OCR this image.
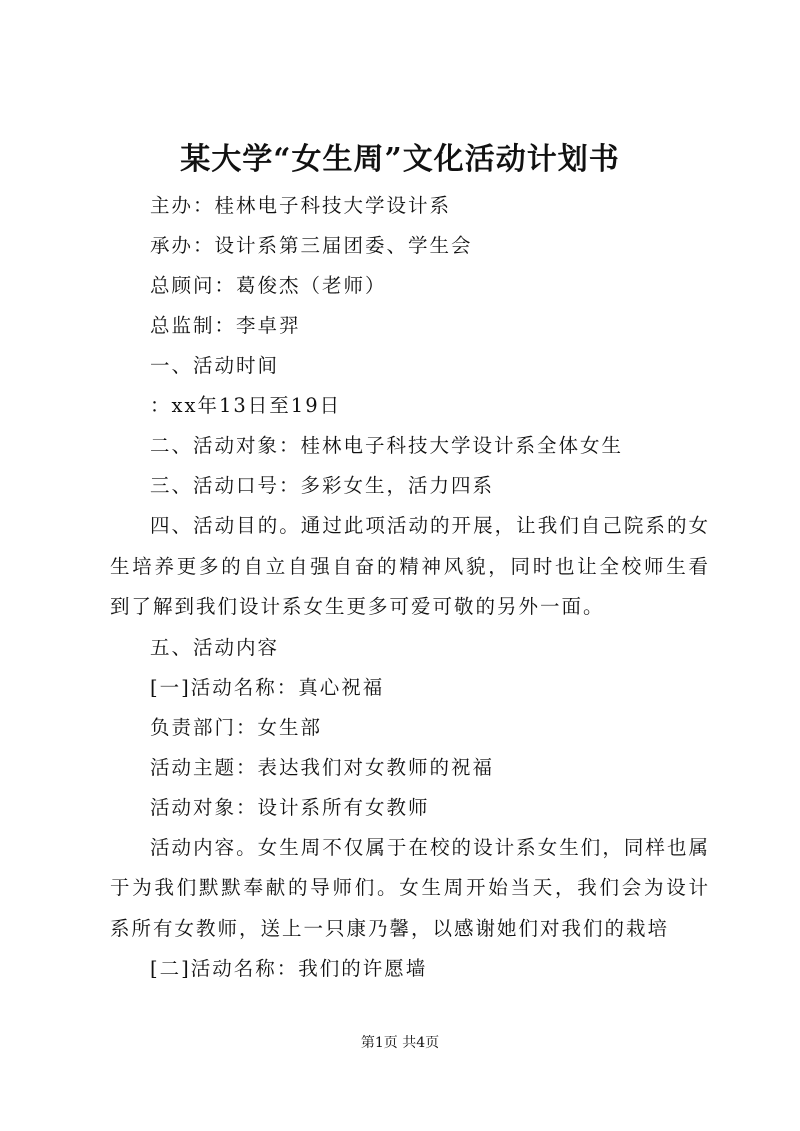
某大学“女生周”文化活动计划书

主办：桂林电子科技大学设计系

承办：设计系第三届团委、学生会

总顾问：葛俊杰（老师）

总监制：李卓羿

一、活动时间

：xx年13日至19日

二、活动对象：桂林电子科技大学设计系全体女生

三、活动口号：多彩女生，活力四系

四、活动目的。通过此项活动的开展，让我们自己院系的女生培养更多的自立自强自奋的精神风貌，同时也让全校师生看到了解到我们设计系女生更多可爱可敬的另外一面。

五、活动内容

[一]活动名称：真心祝福

负责部门：女生部

活动主题：表达我们对女教师的祝福

活动对象：设计系所有女教师

活动内容。女生周不仅属于在校的设计系女生们，同样也属于为我们默默奉献的导师们。女生周开始当天，我们会为设计系所有女教师，送上一只康乃馨，以感谢她们对我们的栽培

[二]活动名称：我们的许愿墙

第1页 共4页
